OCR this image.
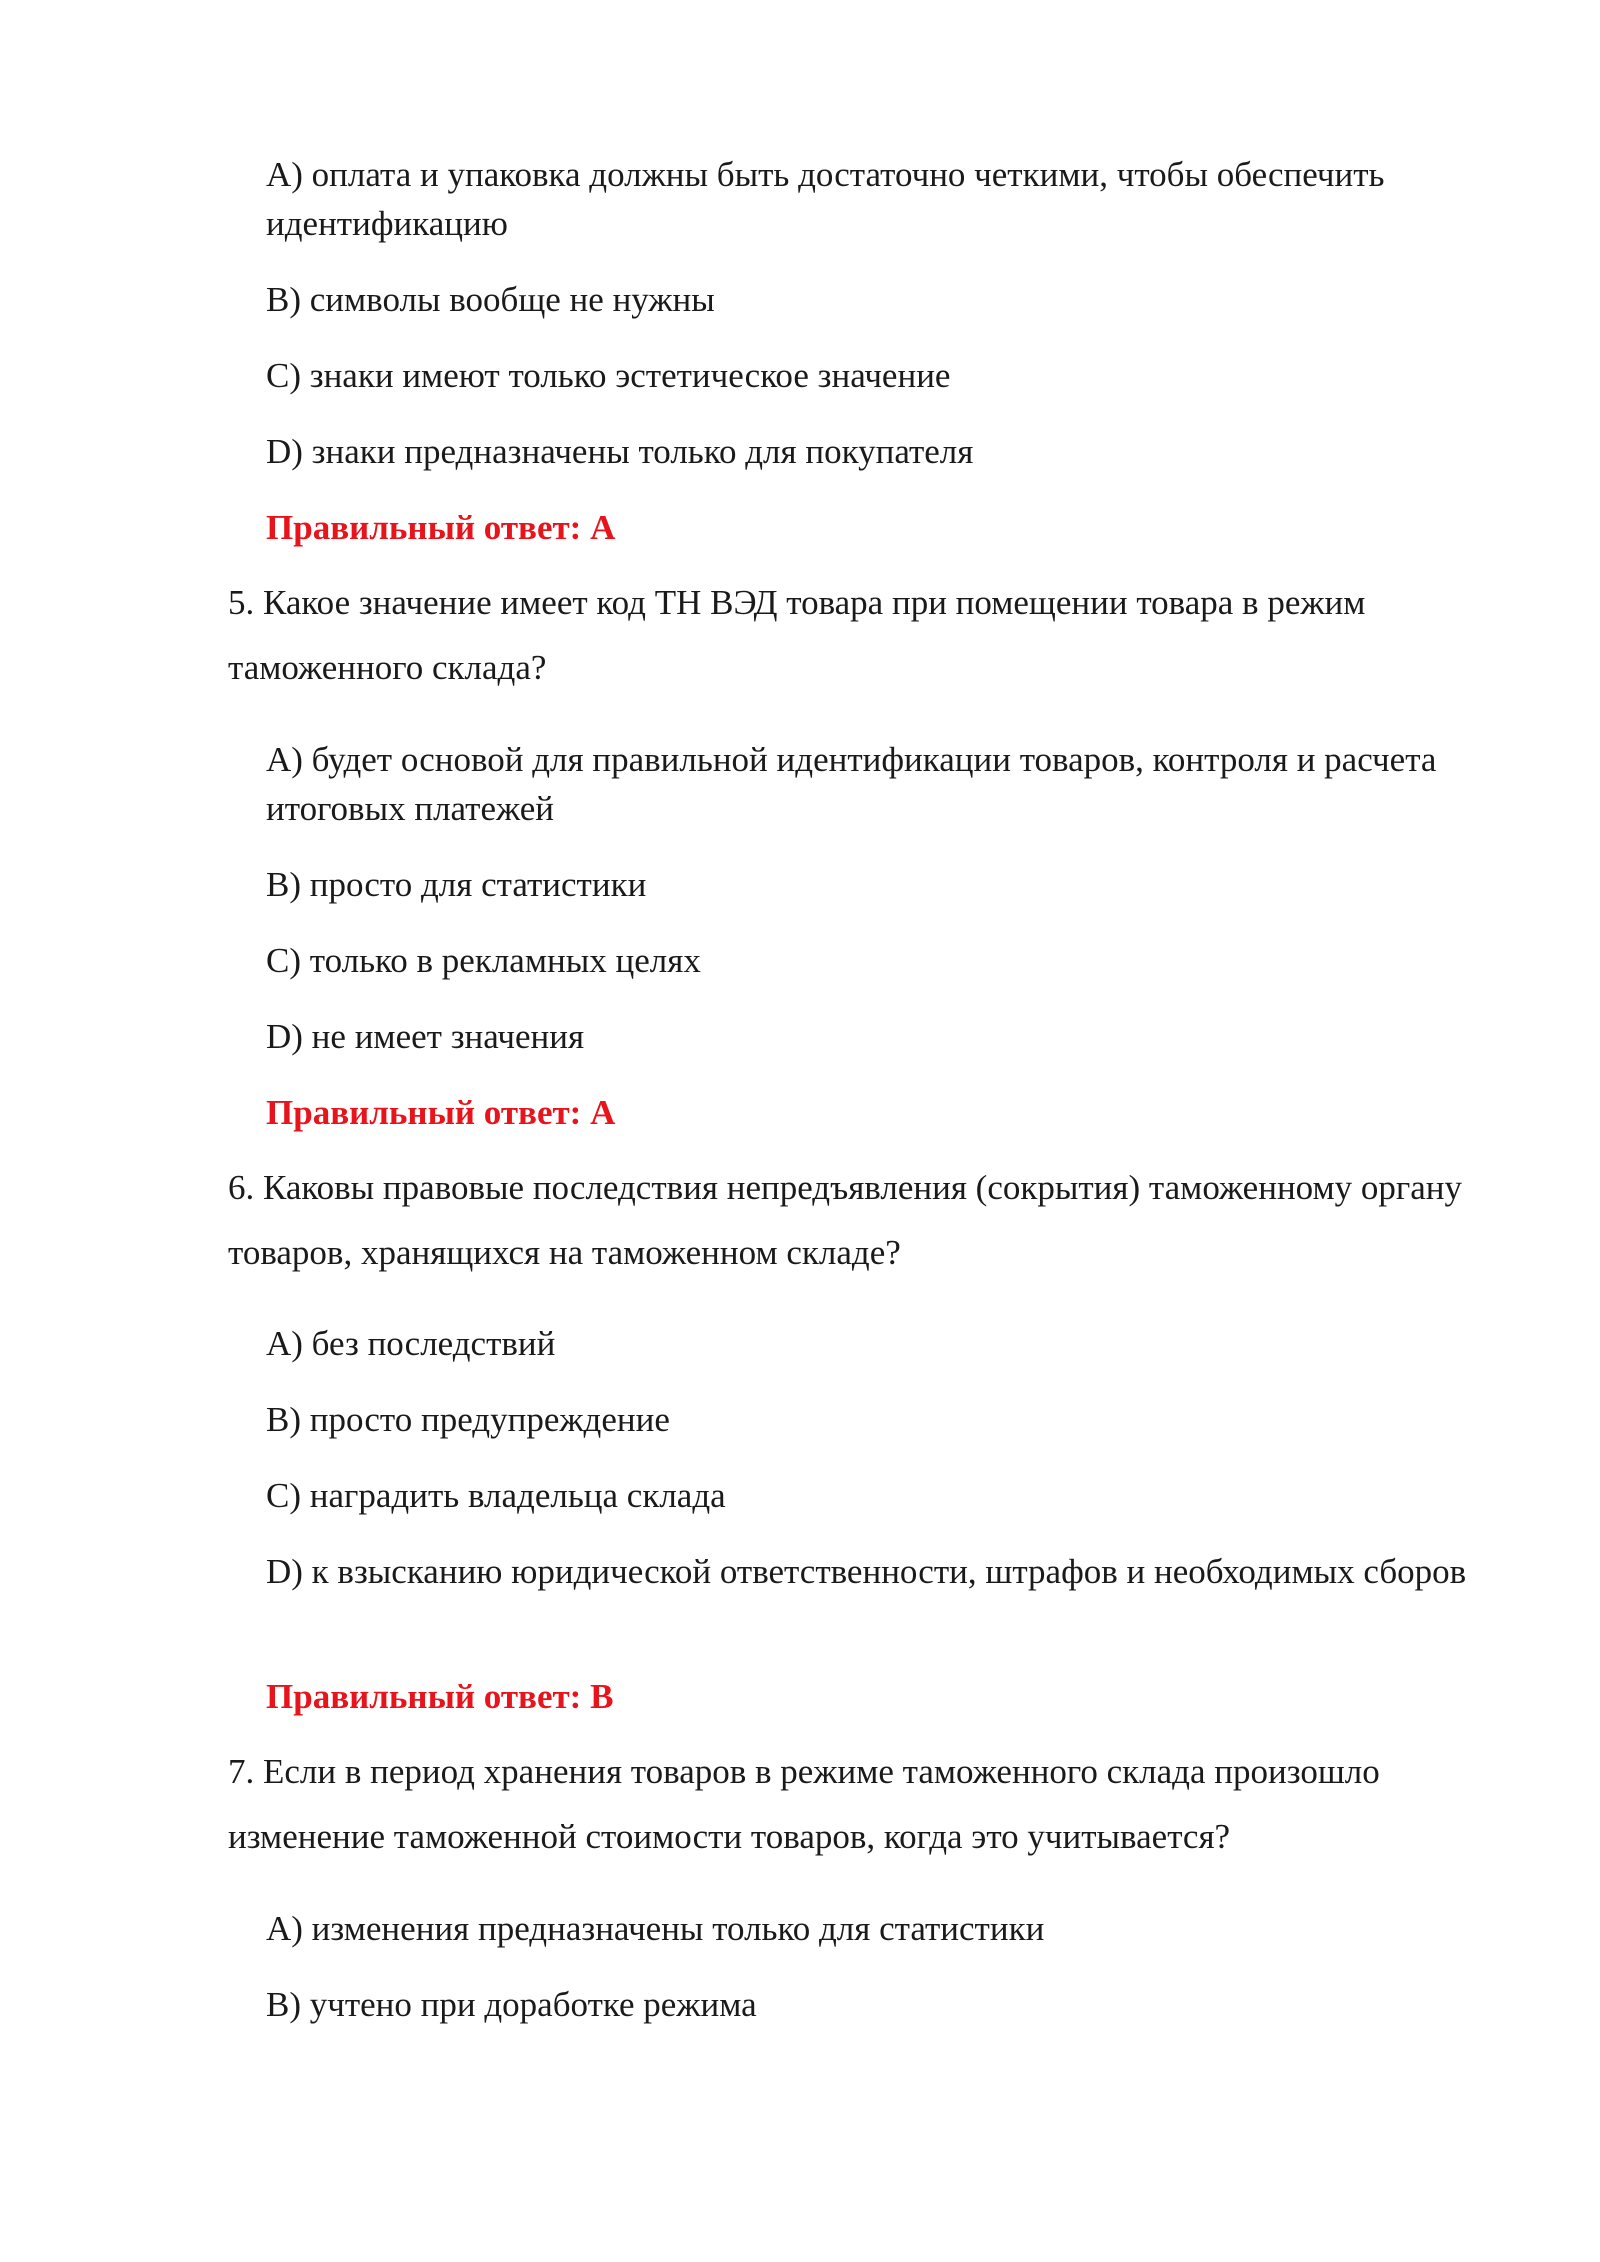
A) оплата и упаковка должны быть достаточно четкими, чтобы обеспечить идентификацию

B) символы вообще не нужны

C) знаки имеют только эстетическое значение

D) знаки предназначены только для покупателя

Правильный ответ: A

5. Какое значение имеет код ТН ВЭД товара при помещении товара в режим таможенного склада?

A) будет основой для правильной идентификации товаров, контроля и расчета итоговых платежей

B) просто для статистики

C) только в рекламных целях

D) не имеет значения

Правильный ответ: A

6. Каковы правовые последствия непредъявления (сокрытия) таможенному органу товаров, хранящихся на таможенном складе?

A) без последствий

B) просто предупреждение

C) наградить владельца склада

D) к взысканию юридической ответственности, штрафов и необходимых сборов

Правильный ответ: B

7. Если в период хранения товаров в режиме таможенного склада произошло изменение таможенной стоимости товаров, когда это учитывается?

A) изменения предназначены только для статистики

B) учтено при доработке режима
